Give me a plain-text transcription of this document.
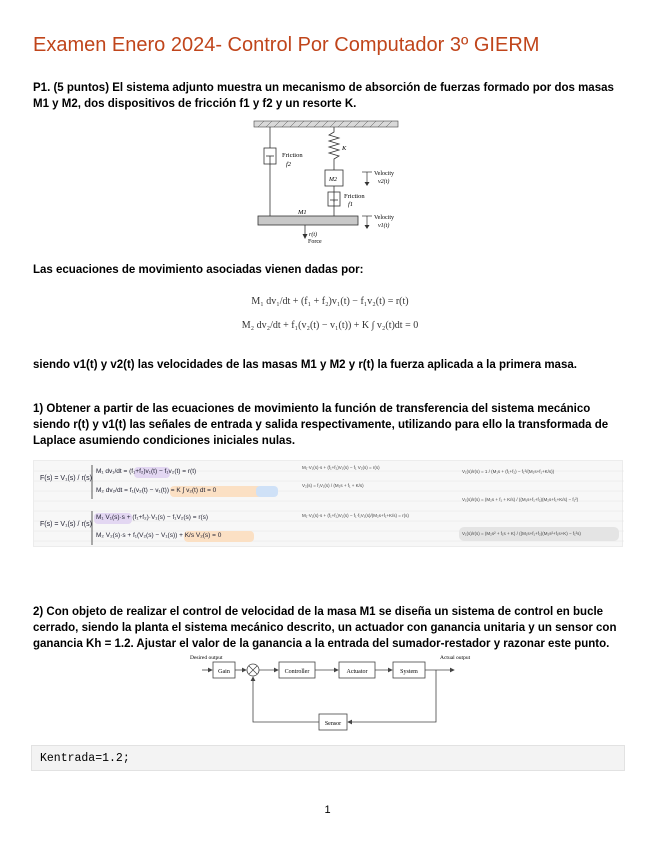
Examen Enero 2024- Control Por Computador 3º GIERM
P1. (5 puntos) El sistema adjunto muestra un mecanismo de absorción de fuerzas formado por dos masas M1 y M2, dos dispositivos de fricción f1 y f2 y un resorte K.
Friction
f2
K
M2
Velocity
v2(t)
Friction
f1
M1
Velocity
v1(t)
r(t)
Force
Las ecuaciones de movimiento asociadas vienen dadas por:
M₁ dv₁/dt + (f₁ + f₂)v₁(t) − f₁v₂(t) = r(t)
M₂ dv₂/dt + f₁(v₂(t) − v₁(t)) + K ∫ v₂(t)dt = 0
siendo v1(t) y v2(t) las velocidades de las masas M1 y M2 y r(t) la fuerza aplicada a la primera masa.
1) Obtener a partir de las ecuaciones de movimiento la función de transferencia del sistema mecánico siendo r(t) y v1(t) las señales de entrada y salida respectivamente, utilizando para ello la transformada de Laplace asumiendo condiciones iniciales nulas.
F(s) = V₁(s) / r(s)
F(s) = V₁(s) / r(s)
M₁ dv₁/dt = (f₁+f₂)v₁(t) − f₁v₂(t) = r(t)
M₂ dv₂/dt = f₁(v₂(t) − v₁(t)) = K ∫ v₂(t) dt = 0
M₁ V₁(s)·s + (f₁+f₂)·V₁(s) − f₁V₂(s) = r(s)
M₂ V₂(s)·s + f₁(V₂(s) − V₁(s)) + K/s V₂(s) = 0
M₁·V₁(s)·s + (f₁+f₂)V₁(s) − f₁ V₂(s) = r(s)
V₂(s) = f₁V₁(s) / (M₂s + f₁ + K/s)
M₁·V₁(s)·s + (f₁+f₂)V₁(s) − f₁·f₁V₁(s)/(M₂s+f₁+K/s) = r(s)
V₁(s)/r(s) = 1 / (M₁s + (f₁+f₂) − f₁²/(M₂s+f₁+K/s))
V₁(s)/r(s) = (M₂s + f₁ + K/s) / ((M₁s+f₁+f₂)(M₂s+f₁+K/s) − f₁²)
V₁(s)/r(s) = (M₂s² + f₁s + K) / ((M₁s+f₁+f₂)(M₂s²+f₁s+K) − f₁²s)
2) Con objeto de realizar el control de velocidad de la masa M1 se diseña un sistema de control en bucle cerrado, siendo la planta el sistema mecánico descrito, un actuador con ganancia unitaria y un sensor con ganancia Kh = 1.2. Ajustar el valor de la ganancia a la entrada del sumador-restador y razonar este punto.
Desired output
Gain	Controller	Actuator	System
Actual output
Sensor
Kentrada=1.2;
1
